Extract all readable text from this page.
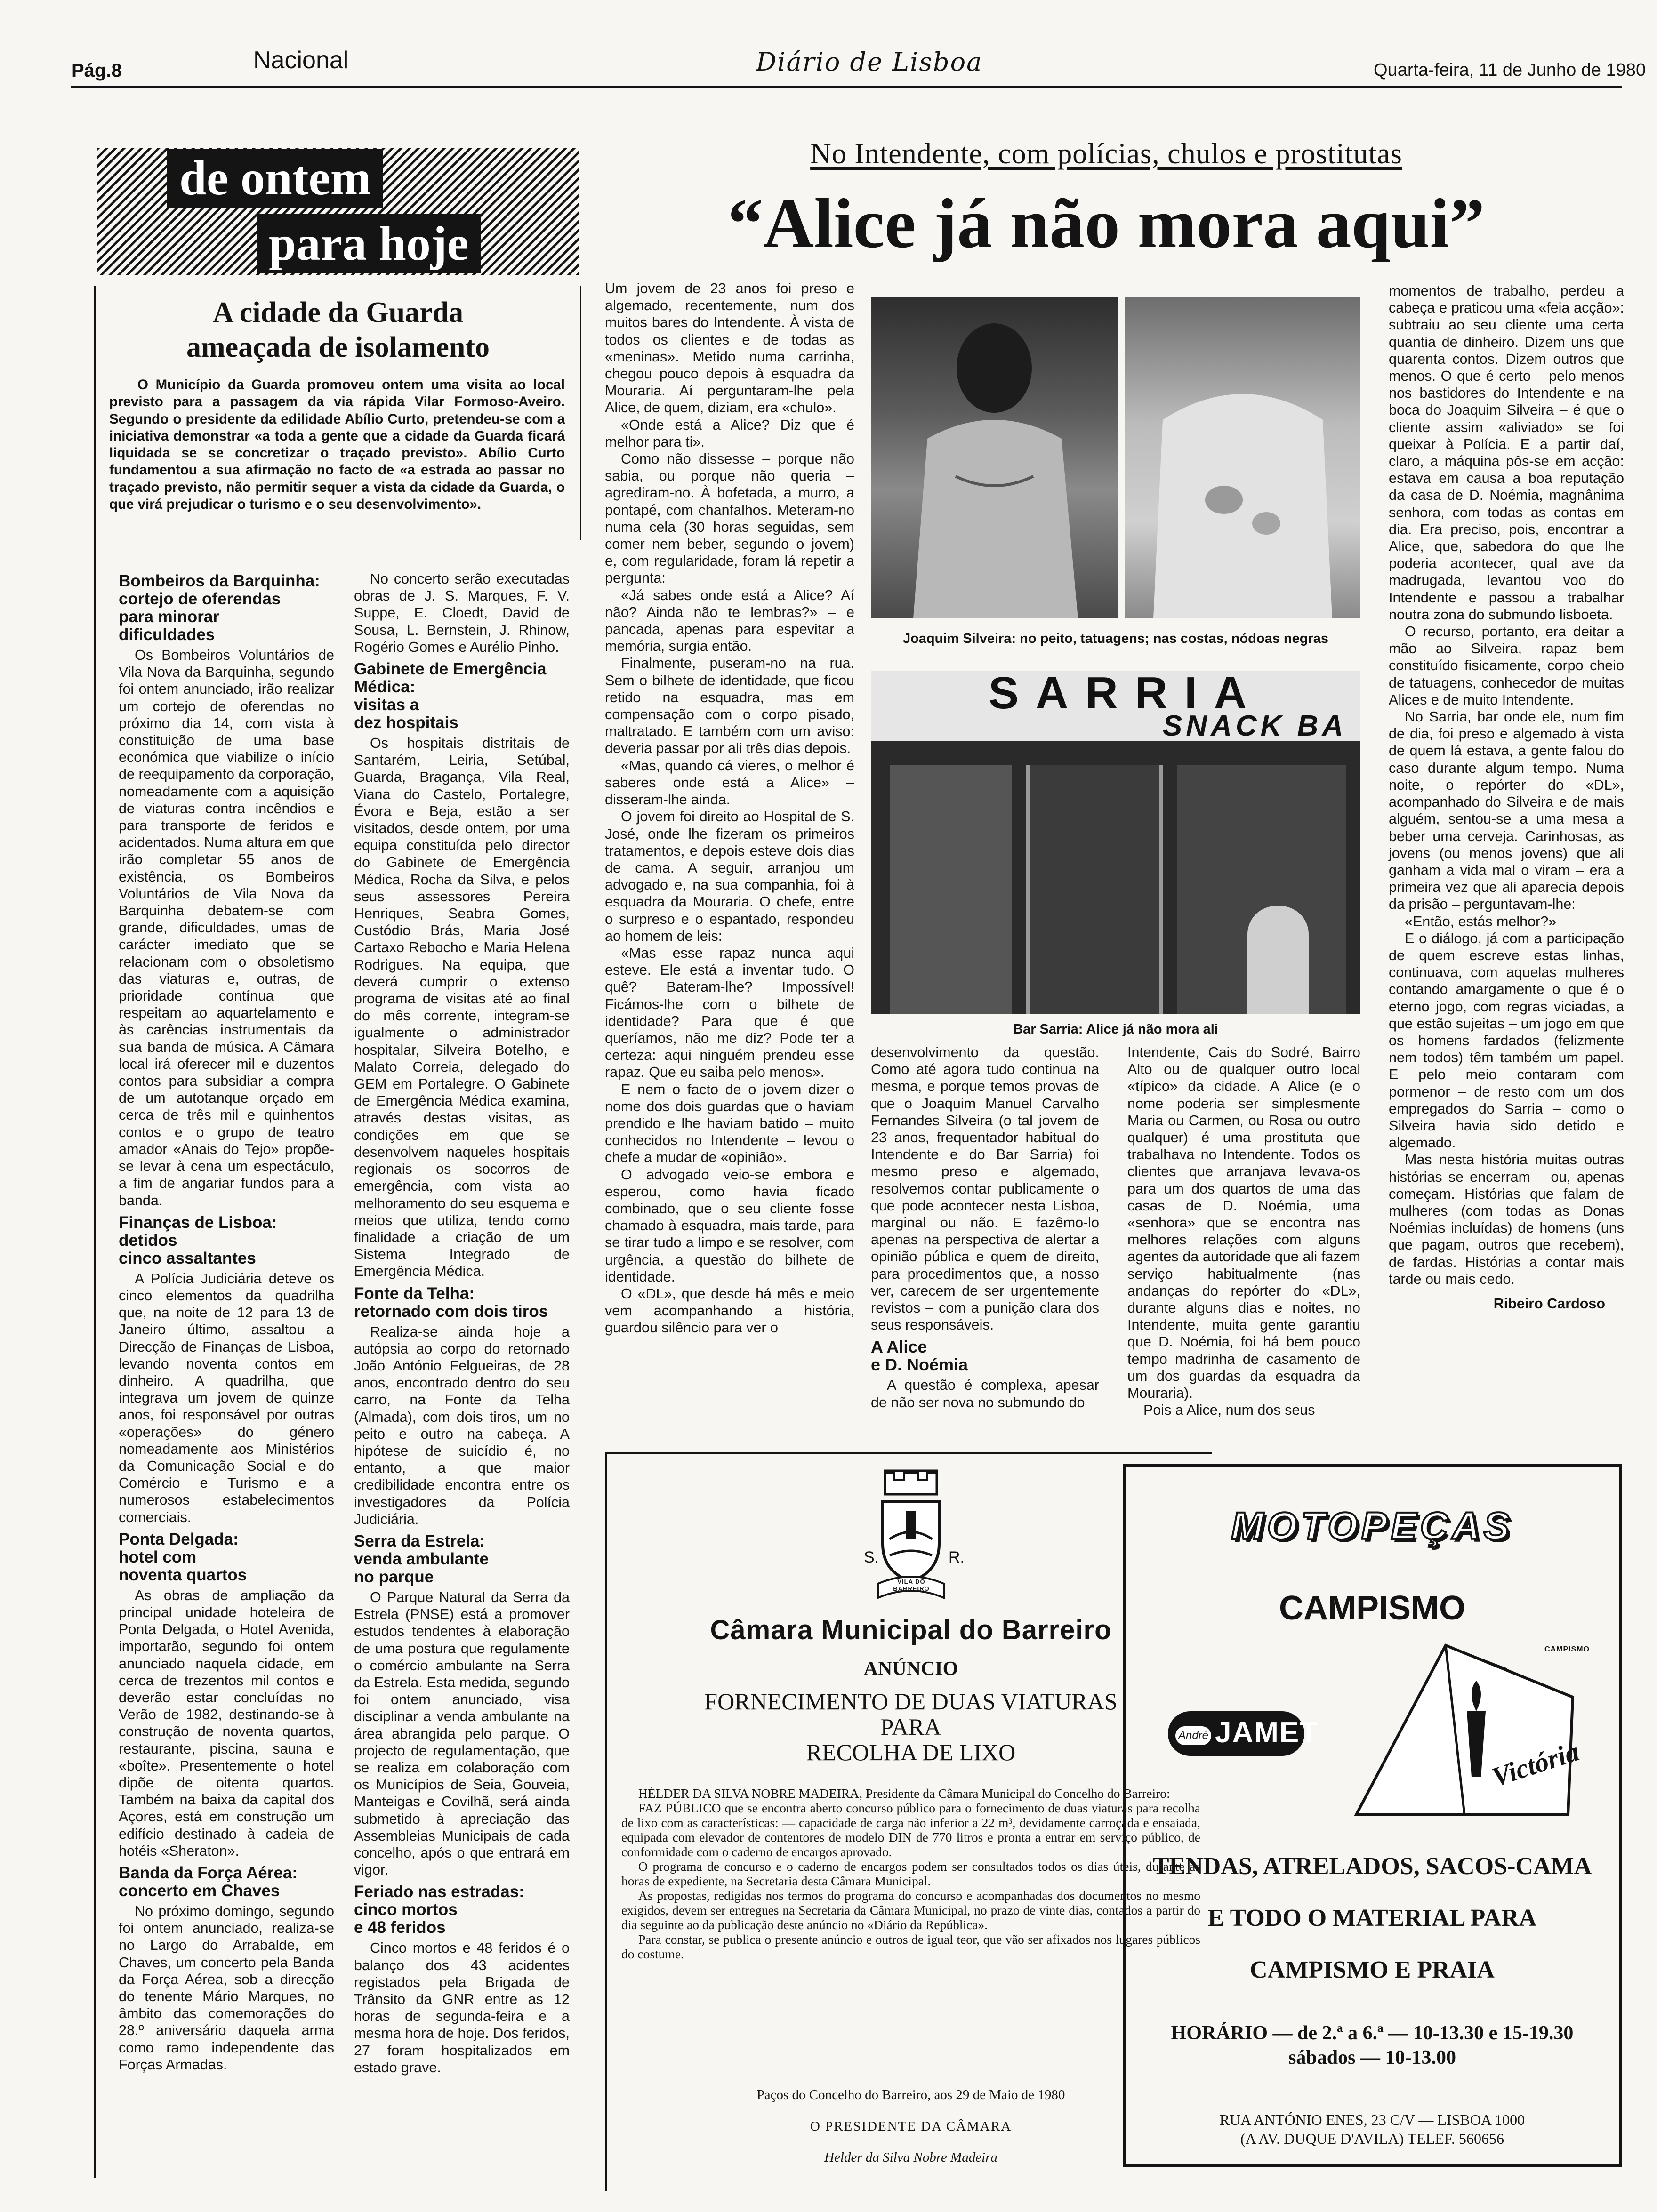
Pág.8	Nacional	Diário de Lisboa	Quarta-feira, 11 de Junho de 1980
de ontem
para hoje
A cidade da Guarda
ameaçada de isolamento
O Município da Guarda promoveu ontem uma visita ao local previsto para a passagem da via rápida Vilar Formoso-Aveiro. Segundo o presidente da edilidade Abílio Curto, pretendeu-se com a iniciativa demonstrar «a toda a gente que a cidade da Guarda ficará liquidada se se concretizar o traçado previsto». Abílio Curto fundamentou a sua afirmação no facto de «a estrada ao passar no traçado previsto, não permitir sequer a vista da cidade da Guarda, o que virá prejudicar o turismo e o seu desenvolvimento».
Bombeiros da Barquinha:
cortejo de oferendas
para minorar
dificuldades

Os Bombeiros Voluntários de Vila Nova da Barquinha, segundo foi ontem anunciado, irão realizar um cortejo de oferendas no próximo dia 14, com vista à constituição de uma base económica que viabilize o início de reequipamento da corporação, nomeadamente com a aquisição de viaturas contra incêndios e para transporte de feridos e acidentados. Numa altura em que irão completar 55 anos de existência, os Bombeiros Voluntários de Vila Nova da Barquinha debatem-se com grande, dificuldades, umas de carácter imediato que se relacionam com o obsoletismo das viaturas e, outras, de prioridade contínua que respeitam ao aquartelamento e às carências instrumentais da sua banda de música. A Câmara local irá oferecer mil e duzentos contos para subsidiar a compra de um autotanque orçado em cerca de três mil e quinhentos contos e o grupo de teatro amador «Anais do Tejo» propõe-se levar à cena um espectáculo, a fim de angariar fundos para a banda.

Finanças de Lisboa:
detidos
cinco assaltantes

A Polícia Judiciária deteve os cinco elementos da quadrilha que, na noite de 12 para 13 de Janeiro último, assaltou a Direcção de Finanças de Lisboa, levando noventa contos em dinheiro. A quadrilha, que integrava um jovem de quinze anos, foi responsável por outras «operações» do género nomeadamente aos Ministérios da Comunicação Social e do Comércio e Turismo e a numerosos estabelecimentos comerciais.

Ponta Delgada:
hotel com
noventa quartos

As obras de ampliação da principal unidade hoteleira de Ponta Delgada, o Hotel Avenida, importarão, segundo foi ontem anunciado naquela cidade, em cerca de trezentos mil contos e deverão estar concluídas no Verão de 1982, destinando-se à construção de noventa quartos, restaurante, piscina, sauna e «boîte». Presentemente o hotel dipõe de oitenta quartos. Também na baixa da capital dos Açores, está em construção um edifício destinado à cadeia de hotéis «Sheraton».

Banda da Força Aérea:
concerto em Chaves

No próximo domingo, segundo foi ontem anunciado, realiza-se no Largo do Arrabalde, em Chaves, um concerto pela Banda da Força Aérea, sob a direcção do tenente Mário Marques, no âmbito das comemorações do 28.º aniversário daquela arma como ramo independente das Forças Armadas.

No concerto serão executadas obras de J. S. Marques, F. V. Suppe, E. Cloedt, David de Sousa, L. Bernstein, J. Rhinow, Rogério Gomes e Aurélio Pinho.

Gabinete de Emergência
Médica:
visitas a
dez hospitais

Os hospitais distritais de Santarém, Leiria, Setúbal, Guarda, Bragança, Vila Real, Viana do Castelo, Portalegre, Évora e Beja, estão a ser visitados, desde ontem, por uma equipa constituída pelo director do Gabinete de Emergência Médica, Rocha da Silva, e pelos seus assessores Pereira Henriques, Seabra Gomes, Custódio Brás, Maria José Cartaxo Rebocho e Maria Helena Rodrigues. Na equipa, que deverá cumprir o extenso programa de visitas até ao final do mês corrente, integram-se igualmente o administrador hospitalar, Silveira Botelho, e Malato Correia, delegado do GEM em Portalegre. O Gabinete de Emergência Médica examina, através destas visitas, as condições em que se desenvolvem naqueles hospitais regionais os socorros de emergência, com vista ao melhoramento do seu esquema e meios que utiliza, tendo como finalidade a criação de um Sistema Integrado de Emergência Médica.

Fonte da Telha:
retornado com dois tiros

Realiza-se ainda hoje a autópsia ao corpo do retornado João António Felgueiras, de 28 anos, encontrado dentro do seu carro, na Fonte da Telha (Almada), com dois tiros, um no peito e outro na cabeça. A hipótese de suicídio é, no entanto, a que maior credibilidade encontra entre os investigadores da Polícia Judiciária.

Serra da Estrela:
venda ambulante
no parque

O Parque Natural da Serra da Estrela (PNSE) está a promover estudos tendentes à elaboração de uma postura que regulamente o comércio ambulante na Serra da Estrela. Esta medida, segundo foi ontem anunciado, visa disciplinar a venda ambulante na área abrangida pelo parque. O projecto de regulamentação, que se realiza em colaboração com os Municípios de Seia, Gouveia, Manteigas e Covilhã, será ainda submetido à apreciação das Assembleias Municipais de cada concelho, após o que entrará em vigor.

Feriado nas estradas:
cinco mortos
e 48 feridos

Cinco mortos e 48 feridos é o balanço dos 43 acidentes registados pela Brigada de Trânsito da GNR entre as 12 horas de segunda-feira e a mesma hora de hoje. Dos feridos, 27 foram hospitalizados em estado grave.

No Intendente, com polícias, chulos e prostitutas
“Alice já não mora aqui”

Um jovem de 23 anos foi preso e algemado, recentemente, num dos muitos bares do Intendente. À vista de todos os clientes e de todas as «meninas». Metido numa carrinha, chegou pouco depois à esquadra da Mouraria. Aí perguntaram-lhe pela Alice, de quem, diziam, era «chulo».

«Onde está a Alice? Diz que é melhor para ti».

Como não dissesse – porque não sabia, ou porque não queria – agrediram-no. À bofetada, a murro, a pontapé, com chanfalhos. Meteram-no numa cela (30 horas seguidas, sem comer nem beber, segundo o jovem) e, com regularidade, foram lá repetir a pergunta:

«Já sabes onde está a Alice? Aí não? Ainda não te lembras?» – e pancada, apenas para espevitar a memória, surgia então.

Finalmente, puseram-no na rua. Sem o bilhete de identidade, que ficou retido na esquadra, mas em compensação com o corpo pisado, maltratado. E também com um aviso: deveria passar por ali três dias depois.

«Mas, quando cá vieres, o melhor é saberes onde está a Alice» – disseram-lhe ainda.

O jovem foi direito ao Hospital de S. José, onde lhe fizeram os primeiros tratamentos, e depois esteve dois dias de cama. A seguir, arranjou um advogado e, na sua companhia, foi à esquadra da Mouraria. O chefe, entre o surpreso e o espantado, respondeu ao homem de leis:

«Mas esse rapaz nunca aqui esteve. Ele está a inventar tudo. O quê? Bateram-lhe? Impossível! Ficámos-lhe com o bilhete de identidade? Para que é que queríamos, não me diz? Pode ter a certeza: aqui ninguém prendeu esse rapaz. Que eu saiba pelo menos».

E nem o facto de o jovem dizer o nome dos dois guardas que o haviam prendido e lhe haviam batido – muito conhecidos no Intendente – levou o chefe a mudar de «opinião».

O advogado veio-se embora e esperou, como havia ficado combinado, que o seu cliente fosse chamado à esquadra, mais tarde, para se tirar tudo a limpo e se resolver, com urgência, a questão do bilhete de identidade.

O «DL», que desde há mês e meio vem acompanhando a história, guardou silêncio para ver o

Joaquim Silveira: no peito, tatuagens; nas costas, nódoas negras
SARRIA
SNACK BA
Bar Sarria: Alice já não mora ali

desenvolvimento da questão. Como até agora tudo continua na mesma, e porque temos provas de que o Joaquim Manuel Carvalho Fernandes Silveira (o tal jovem de 23 anos, frequentador habitual do Intendente e do Bar Sarria) foi mesmo preso e algemado, resolvemos contar publicamente o que pode acontecer nesta Lisboa, marginal ou não. E fazêmo-lo apenas na perspectiva de alertar a opinião pública e quem de direito, para procedimentos que, a nosso ver, carecem de ser urgentemente revistos – com a punição clara dos seus responsáveis.

A Alice
e D. Noémia

A questão é complexa, apesar de não ser nova no submundo do

Intendente, Cais do Sodré, Bairro Alto ou de qualquer outro local «típico» da cidade. A Alice (e o nome poderia ser simplesmente Maria ou Carmen, ou Rosa ou outro qualquer) é uma prostituta que trabalhava no Intendente. Todos os clientes que arranjava levava-os para um dos quartos de uma das casas de D. Noémia, uma «senhora» que se encontra nas melhores relações com alguns agentes da autoridade que ali fazem serviço habitualmente (nas andanças do repórter do «DL», durante alguns dias e noites, no Intendente, muita gente garantiu que D. Noémia, foi há bem pouco tempo madrinha de casamento de um dos guardas da esquadra da Mouraria).

Pois a Alice, num dos seus

momentos de trabalho, perdeu a cabeça e praticou uma «feia acção»: subtraiu ao seu cliente uma certa quantia de dinheiro. Dizem uns que quarenta contos. Dizem outros que menos. O que é certo – pelo menos nos bastidores do Intendente e na boca do Joaquim Silveira – é que o cliente assim «aliviado» se foi queixar à Polícia. E a partir daí, claro, a máquina pôs-se em acção: estava em causa a boa reputação da casa de D. Noémia, magnânima senhora, com todas as contas em dia. Era preciso, pois, encontrar a Alice, que, sabedora do que lhe poderia acontecer, qual ave da madrugada, levantou voo do Intendente e passou a trabalhar noutra zona do submundo lisboeta.

O recurso, portanto, era deitar a mão ao Silveira, rapaz bem constituído fisicamente, corpo cheio de tatuagens, conhecedor de muitas Alices e de muito Intendente.

No Sarria, bar onde ele, num fim de dia, foi preso e algemado à vista de quem lá estava, a gente falou do caso durante algum tempo. Numa noite, o repórter do «DL», acompanhado do Silveira e de mais alguém, sentou-se a uma mesa a beber uma cerveja. Carinhosas, as jovens (ou menos jovens) que ali ganham a vida mal o viram – era a primeira vez que ali aparecia depois da prisão – perguntavam-lhe:

«Então, estás melhor?»

E o diálogo, já com a participação de quem escreve estas linhas, continuava, com aquelas mulheres contando amargamente o que é o eterno jogo, com regras viciadas, a que estão sujeitas – um jogo em que os homens fardados (felizmente nem todos) têm também um papel. E pelo meio contaram com pormenor – de resto com um dos empregados do Sarria – como o Silveira havia sido detido e algemado.

Mas nesta história muitas outras histórias se encerram – ou, apenas começam. Histórias que falam de mulheres (com todas as Donas Noémias incluídas) de homens (uns que pagam, outros que recebem), de fardas. Histórias a contar mais tarde ou mais cedo.

Ribeiro Cardoso
S.	R.
VILA DO BARREIRO
Câmara Municipal do Barreiro
ANÚNCIO
FORNECIMENTO DE DUAS VIATURAS
PARA
RECOLHA DE LIXO

HÉLDER DA SILVA NOBRE MADEIRA, Presidente da Câmara Municipal do Concelho do Barreiro:

FAZ PÚBLICO que se encontra aberto concurso público para o fornecimento de duas viaturas para recolha de lixo com as características: — capacidade de carga não inferior a 22 m³, devidamente carroçada e ensaiada, equipada com elevador de contentores de modelo DIN de 770 litros e pronta a entrar em serviço público, de conformidade com o caderno de encargos aprovado.

O programa de concurso e o caderno de encargos podem ser consultados todos os dias úteis, durante as horas de expediente, na Secretaria desta Câmara Municipal.

As propostas, redigidas nos termos do programa do concurso e acompanhadas dos documentos no mesmo exigidos, devem ser entregues na Secretaria da Câmara Municipal, no prazo de vinte dias, contados a partir do dia seguinte ao da publicação deste anúncio no «Diário da República».

Para constar, se publica o presente anúncio e outros de igual teor, que vão ser afixados nos lugares públicos do costume.

Paços do Concelho do Barreiro, aos 29 de Maio de 1980
O PRESIDENTE DA CÂMARA
Helder da Silva Nobre Madeira
MOTOPEÇAS
CAMPISMO
André JAMET
CAMPISMO
Victória
TENDAS, ATRELADOS, SACOS-CAMA
E TODO O MATERIAL PARA
CAMPISMO E PRAIA
HORÁRIO — de 2.ª a 6.ª — 10-13.30 e 15-19.30
sábados — 10-13.00
RUA ANTÓNIO ENES, 23 C/V — LISBOA 1000
(A AV. DUQUE D'AVILA) TELEF. 560656
